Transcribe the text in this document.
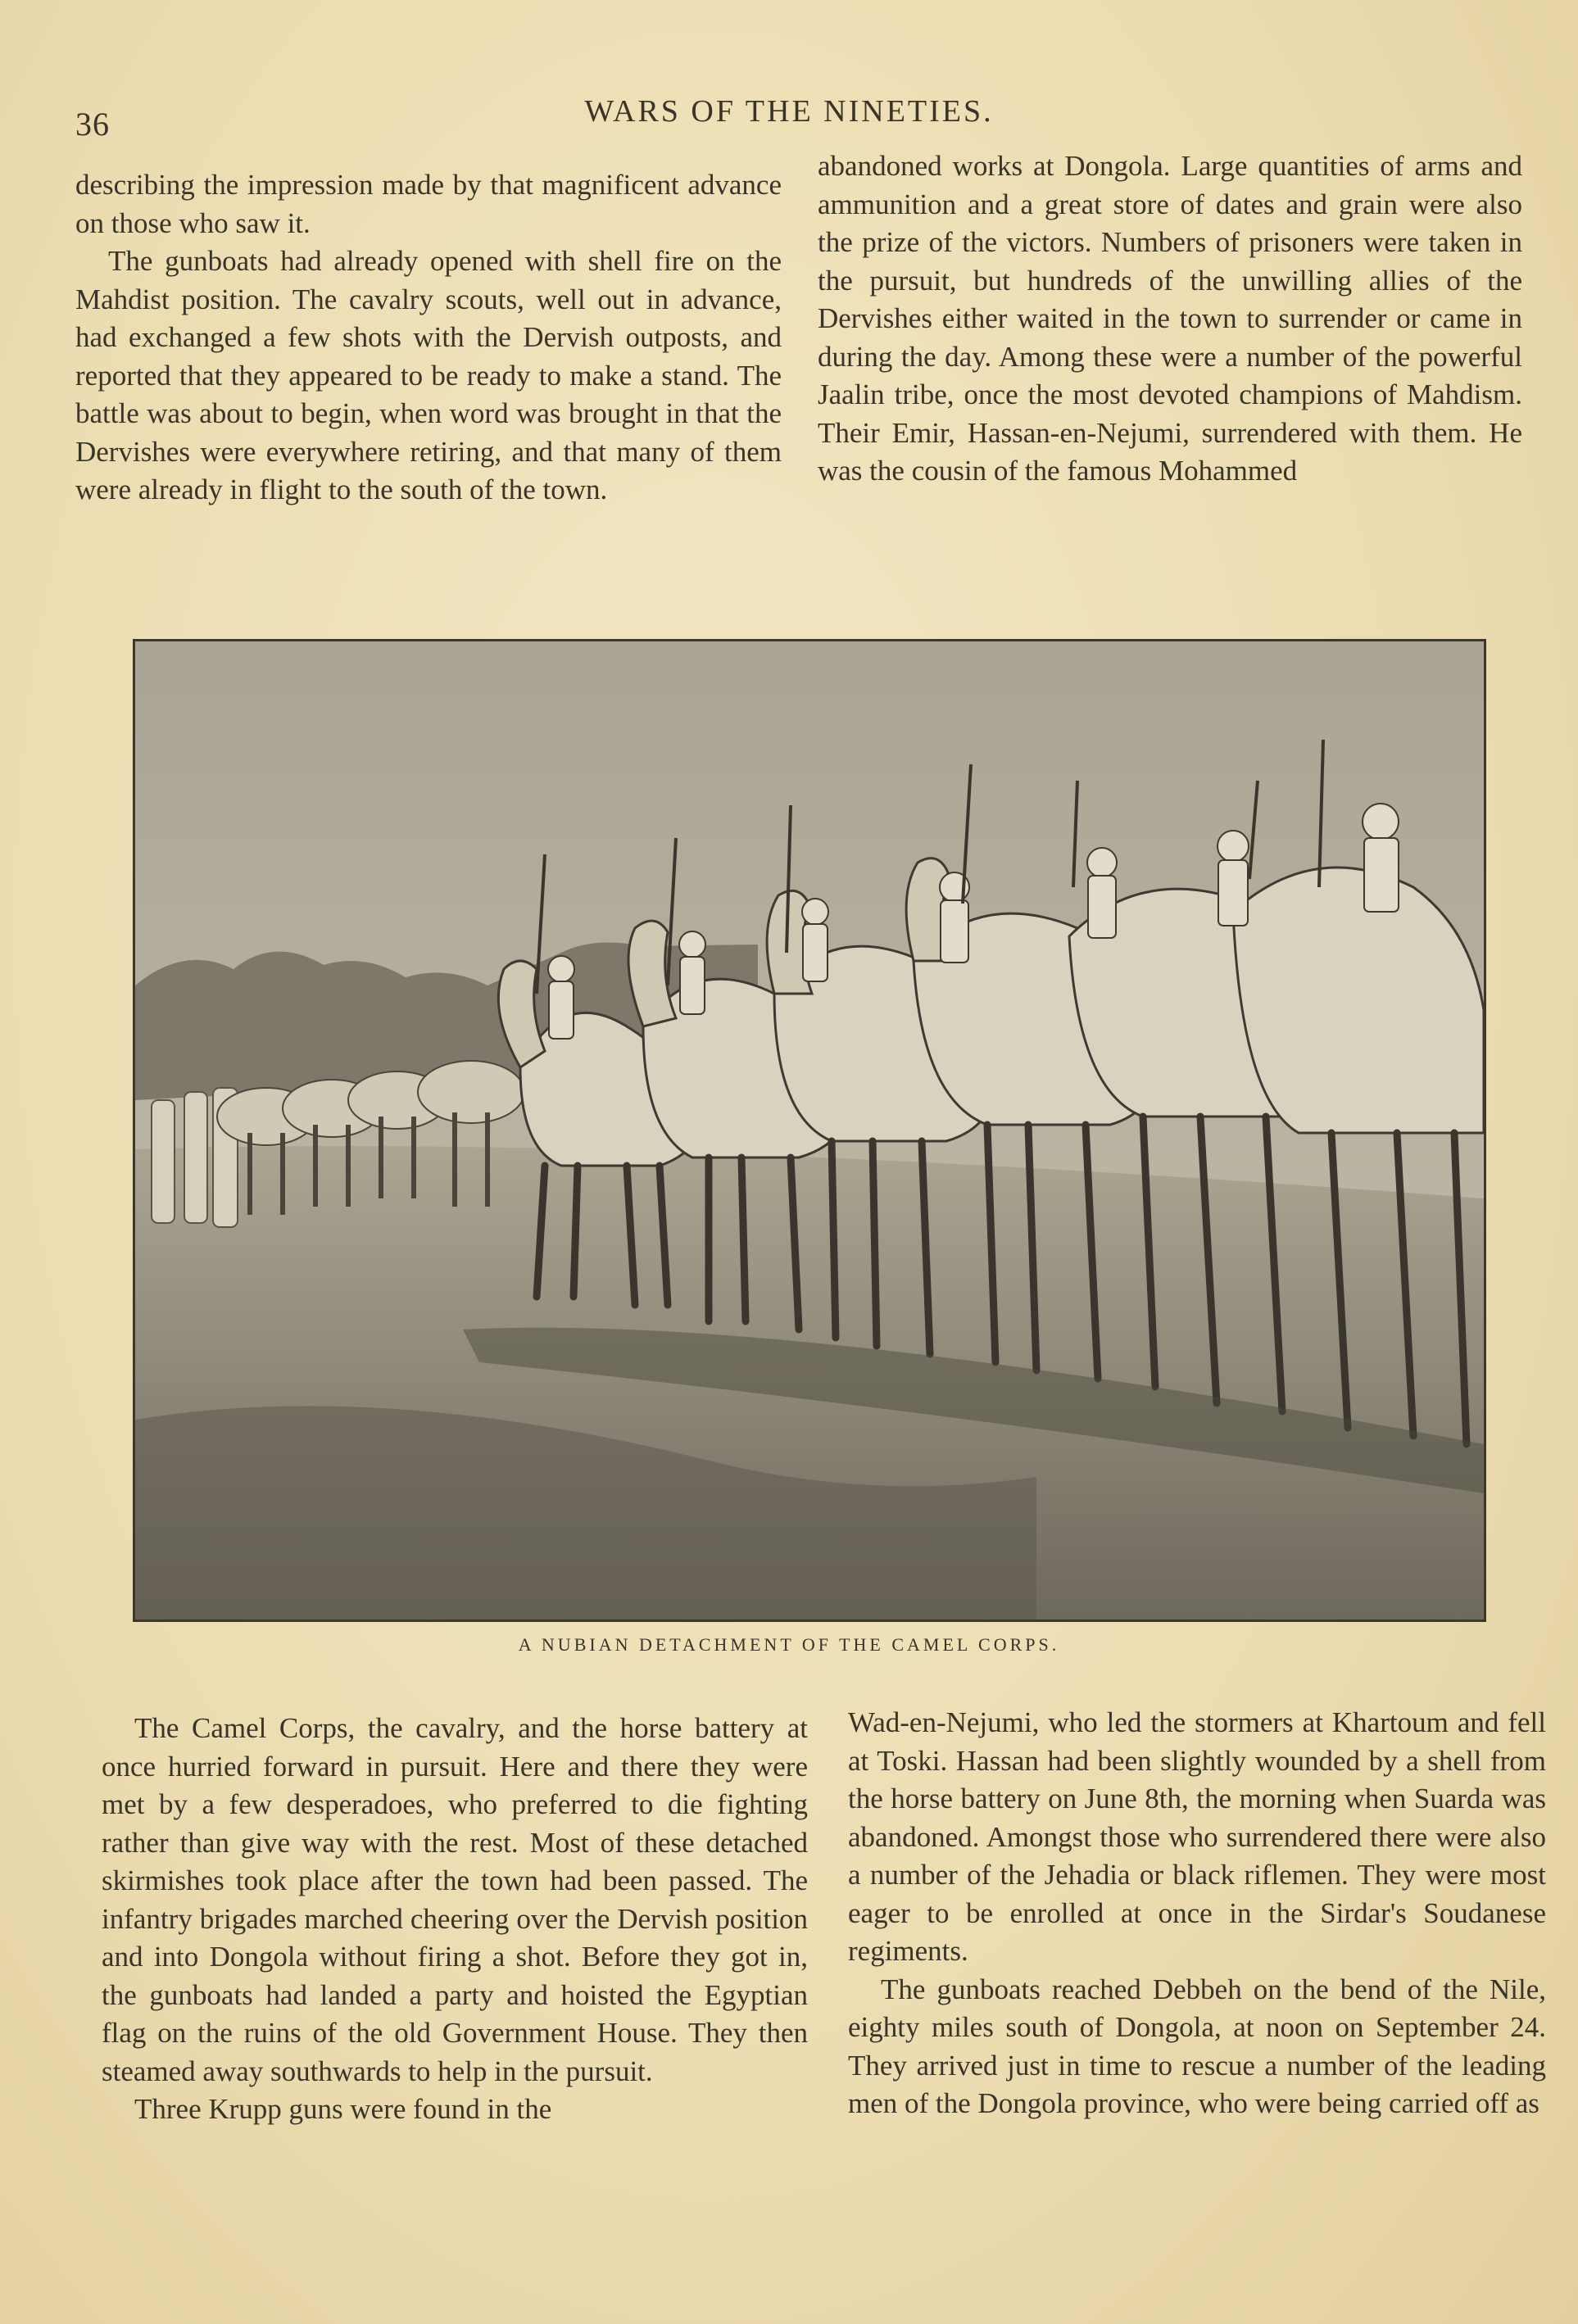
36	WARS OF THE NINETIES.

describing the impression made by that magnificent advance on those who saw it.

The gunboats had already opened with shell fire on the Mahdist position. The cavalry scouts, well out in advance, had exchanged a few shots with the Dervish outposts, and reported that they appeared to be ready to make a stand. The battle was about to begin, when word was brought in that the Dervishes were everywhere retiring, and that many of them were already in flight to the south of the town.

abandoned works at Dongola. Large quantities of arms and ammunition and a great store of dates and grain were also the prize of the victors. Numbers of prisoners were taken in the pursuit, but hundreds of the unwilling allies of the Dervishes either waited in the town to surrender or came in during the day. Among these were a number of the powerful Jaalin tribe, once the most devoted champions of Mahdism. Their Emir, Hassan-en-Nejumi, surrendered with them. He was the cousin of the famous Mohammed

A NUBIAN DETACHMENT OF THE CAMEL CORPS.

The Camel Corps, the cavalry, and the horse battery at once hurried forward in pursuit. Here and there they were met by a few desperadoes, who preferred to die fighting rather than give way with the rest. Most of these detached skirmishes took place after the town had been passed. The infantry brigades marched cheering over the Dervish position and into Dongola without firing a shot. Before they got in, the gunboats had landed a party and hoisted the Egyptian flag on the ruins of the old Government House. They then steamed away southwards to help in the pursuit.

Three Krupp guns were found in the

Wad-en-Nejumi, who led the stormers at Khartoum and fell at Toski. Hassan had been slightly wounded by a shell from the horse battery on June 8th, the morning when Suarda was abandoned. Amongst those who surrendered there were also a number of the Jehadia or black riflemen. They were most eager to be enrolled at once in the Sirdar's Soudanese regiments.

The gunboats reached Debbeh on the bend of the Nile, eighty miles south of Dongola, at noon on September 24. They arrived just in time to rescue a number of the leading men of the Dongola province, who were being carried off as
